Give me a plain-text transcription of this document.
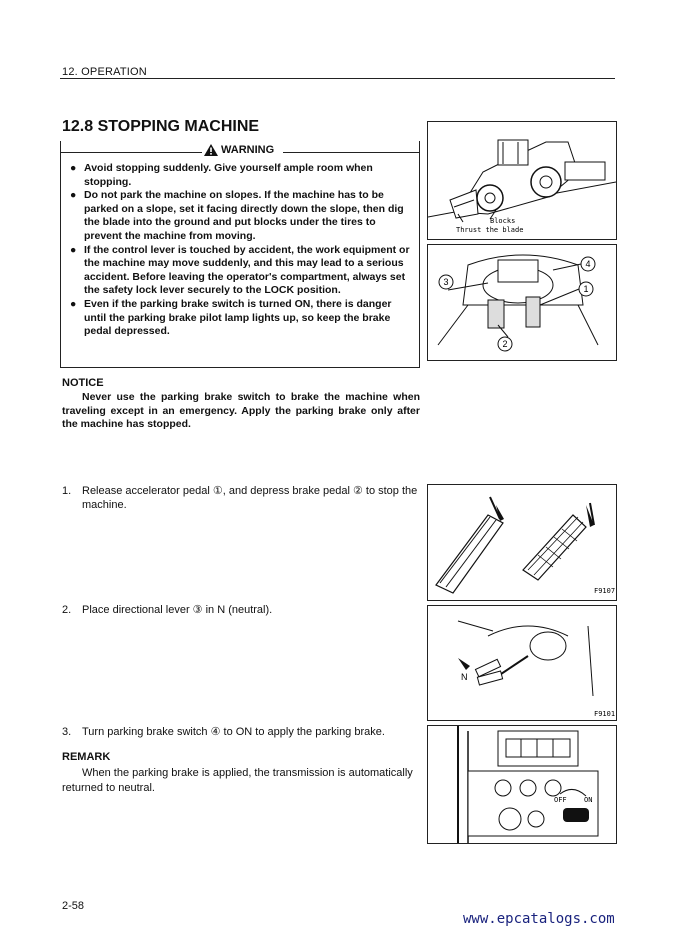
12. OPERATION
12.8 STOPPING MACHINE
WARNING
● Avoid stopping suddenly. Give yourself ample room when stopping.
● Do not park the machine on slopes. If the machine has to be parked on a slope, set it facing directly down the slope, then dig the blade into the ground and put blocks under the tires to prevent the machine from moving.
● If the control lever is touched by accident, the work equipment or the machine may move suddenly, and this may lead to a serious accident. Before leaving the operator's compartment, always set the safety lock lever securely to the LOCK position.
● Even if the parking brake switch is turned ON, there is danger until the parking brake pilot lamp lights up, so keep the brake pedal depressed.
NOTICE
Never use the parking brake switch to brake the machine when traveling except in an emergency. Apply the parking brake only after the machine has stopped.
1. Release accelerator pedal ①, and depress brake pedal ② to stop the machine.
2. Place directional lever ③ in N (neutral).
3. Turn parking brake switch ④ to ON to apply the parking brake.
REMARK
When the parking brake is applied, the transmission is automatically returned to neutral.
Blocks
Thrust the blade
3
4
1
2
F9107
N
F9101
OFF ON
2-58
www.epcatalogs.com
